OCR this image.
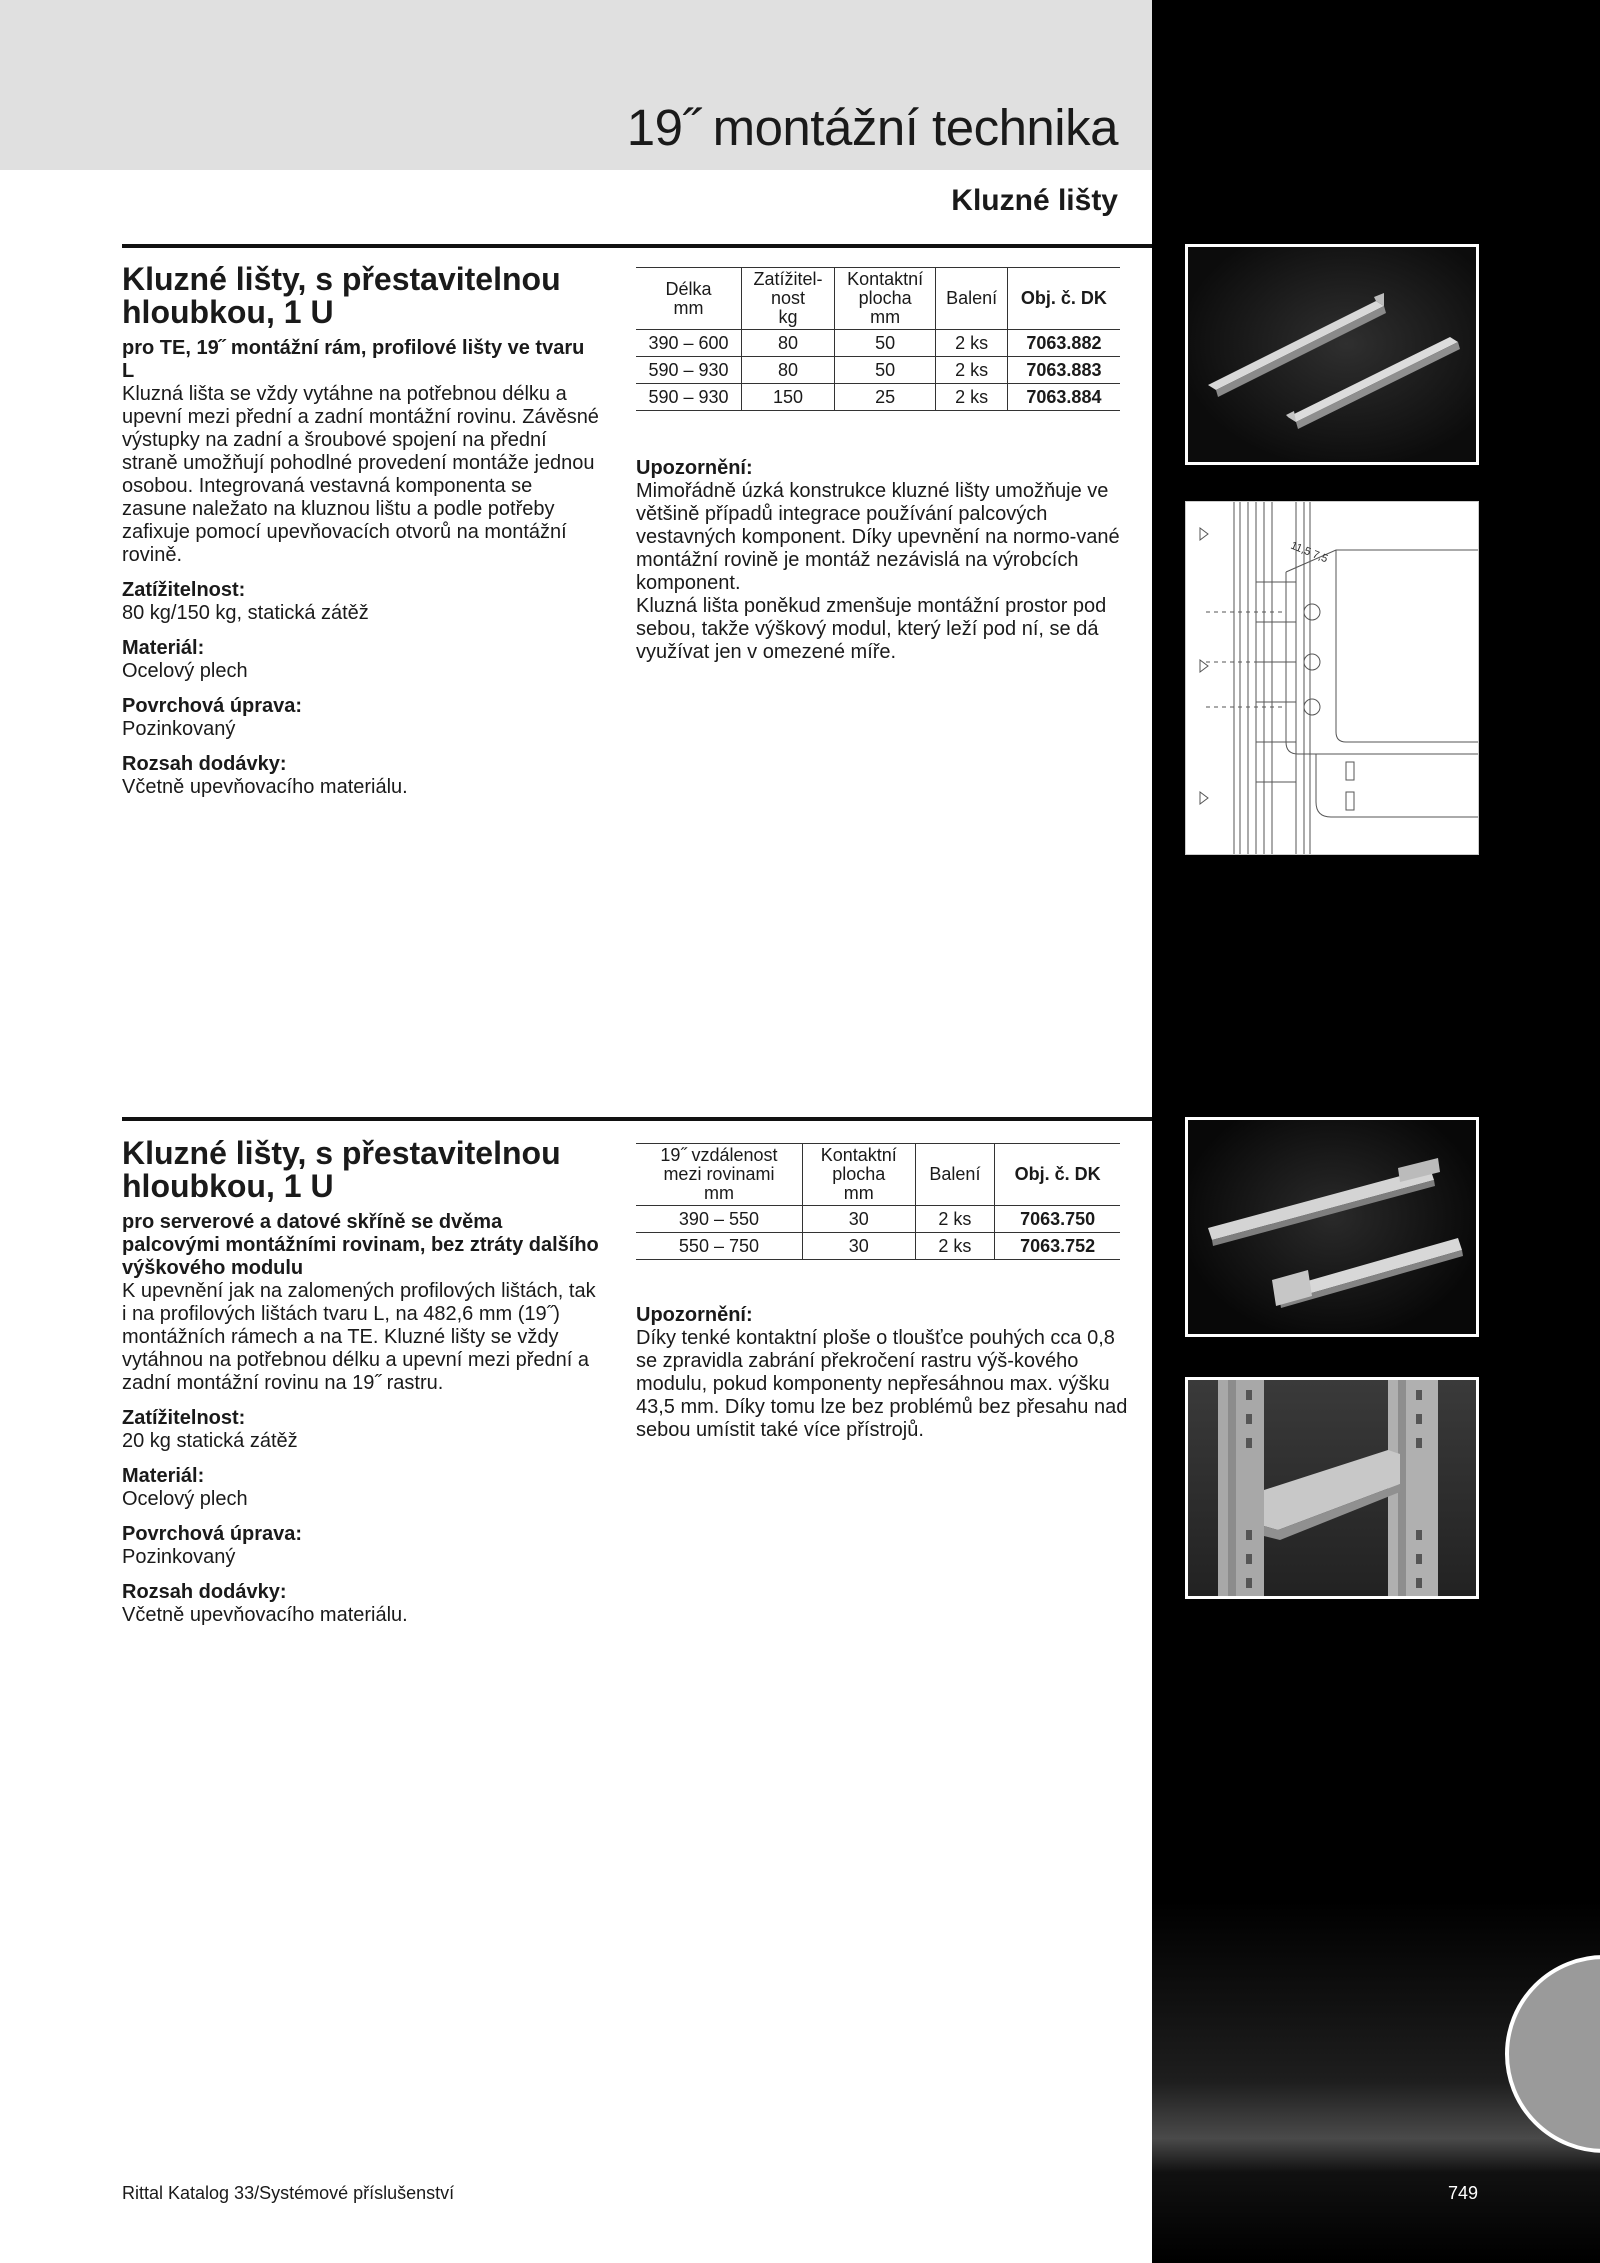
19˝ montážní technika
Kluzné lišty
Kluzné lišty, s přestavitelnou hloubkou, 1 U

pro TE, 19˝ montážní rám, profilové lišty ve tvaru L

Kluzná lišta se vždy vytáhne na potřebnou délku a upevní mezi přední a zadní montážní rovinu. Závěsné výstupky na zadní a šroubové spojení na přední straně umožňují pohodlné provedení montáže jednou osobou. Integrovaná vestavná komponenta se zasune naležato na kluznou lištu a podle potřeby zafixuje pomocí upevňovacích otvorů na montážní rovině.

Zatížitelnost:

80 kg/150 kg, statická zátěž

Materiál:

Ocelový plech

Povrchová úprava:

Pozinkovaný

Rozsah dodávky:

Včetně upevňovacího materiálu.

Délka
mm	Zatížitel-
nost
kg	Kontaktní
plocha
mm	Balení	Obj. č. DK
390 – 600	80	50	2 ks	7063.882
590 – 930	80	50	2 ks	7063.883
590 – 930	150	25	2 ks	7063.884

Upozornění:

Mimořádně úzká konstrukce kluzné lišty umožňuje ve většině případů integrace používání palcových vestavných komponent. Díky upevnění na normo-vané montážní rovině je montáž nezávislá na výrobcích komponent.

Kluzná lišta poněkud zmenšuje montážní prostor pod sebou, takže výškový modul, který leží pod ní, se dá využívat jen v omezené míře.

11,5 7,5
Kluzné lišty, s přestavitelnou hloubkou, 1 U

pro serverové a datové skříně se dvěma palcovými montážními rovinam, bez ztráty dalšího výškového modulu

K upevnění jak na zalomených profilových lištách, tak i na profilových lištách tvaru L, na 482,6 mm (19˝) montážních rámech a na TE. Kluzné lišty se vždy vytáhnou na potřebnou délku a upevní mezi přední a zadní montážní rovinu na 19˝ rastru.

Zatížitelnost:

20 kg statická zátěž

Materiál:

Ocelový plech

Povrchová úprava:

Pozinkovaný

Rozsah dodávky:

Včetně upevňovacího materiálu.

19˝ vzdálenost
mezi rovinami
mm	Kontaktní
plocha
mm	Balení	Obj. č. DK
390 – 550	30	2 ks	7063.750
550 – 750	30	2 ks	7063.752

Upozornění:

Díky tenké kontaktní ploše o tloušťce pouhých cca 0,8 se zpravidla zabrání překročení rastru výš-kového modulu, pokud komponenty nepřesáhnou max. výšku 43,5 mm. Díky tomu lze bez problémů bez přesahu nad sebou umístit také více přístrojů.

Rittal Katalog 33/Systémové příslušenství	749
